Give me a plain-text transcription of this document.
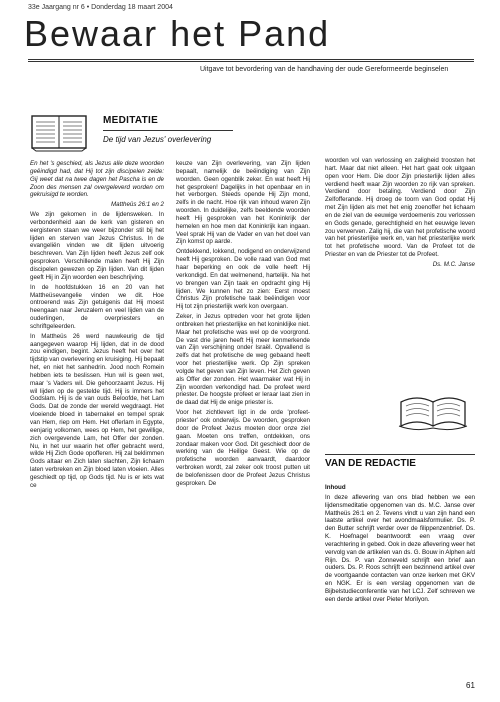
33e Jaargang nr 6 • Donderdag 18 maart 2004
Bewaar het Pand
Uitgave tot bevordering van de handhaving der oude Gereformeerde beginselen
MEDITATIE
De tijd van Jezus' overlevering

En het 's geschied, als Jezus alle deze woorden geëindigd had, dat Hij tot zijn discipelen zeide: Gij weet dat na twee dagen het Pascha is en de Zoon des mensen zal overgeleverd worden om gekruisigd te worden.

Mattheüs 26:1 en 2

We zijn gekomen in de lijdensweken. In verbondenheid aan de kerk van gisteren en eergisteren staan we weer bijzonder stil bij het lijden en sterven van Jezus Christus. In de evangeliën vinden we dit lijden uitvoerig beschreven. Van Zijn lijden heeft Jezus zelf ook gesproken. Verschillende malen heeft Hij Zijn discipelen gewezen op Zijn lijden. Van dit lijden geeft Hij in Zijn woorden een beschrijving.

In de hoofdstukken 16 en 20 van het Mattheüsevangelie vinden we dit. Hoe ontroerend was Zijn getuigenis dat Hij moest heengaan naar Jeruzalem en veel lijden van de ouderlingen, de overpriesters en schriftgeleerden.

In Mattheüs 26 werd nauwkeurig de tijd aangegeven waarop Hij lijden, dat in de dood zou eindigen, begint. Jezus heeft het over het tijdstip van overlevering en kruisiging. Hij bepaalt het, en niet het sanhedrin. Jood noch Romein hebben iets te beslissen. Hun wil is geen wet, maar 's Vaders wil. Die gehoorzaamt Jezus. Hij wil lijden op de gestelde tijd. Hij is immers het Godslam. Hij is de van ouds Beloofde, het Lam Gods. Dat de zonde der wereld wegdraagt. Het vloeiende bloed in tabernakel en tempel sprak van Hem, riep om Hem. Het offerlam in Egypte, eenjarig volkomen, wees op Hem, het gewillige, zich overgevende Lam, het Offer der zonden. Nu, in het uur waarin het offer gebracht werd, wilde Hij Zich Gode opofferen. Hij zal beklimmen Gods altaar en Zich laten slachten, Zijn lichaam laten verbreken en Zijn bloed laten vloeien. Alles geschiedt op tijd, op Gods tijd. Nu is er iets wat ce

keuze van Zijn overlevering, van Zijn lijden bepaalt, namelijk de beëindiging van Zijn woorden. Geen ogenblik zeker. En wat heeft Hij het gesproken! Dagelijks in het openbaar en in het verborgen. Steeds opende Hij Zijn mond, zelfs in de nacht. Hoe rijk van inhoud waren Zijn woorden. In duidelijke, zelfs beeldende woorden heeft Hij gesproken van het Koninkrijk der hemelen en hoe men dat Koninkrijk kan ingaan. Veel sprak Hij van de Vader en van het doel van Zijn komst op aarde.

Ontdekkend, lokkend, nodigend en onderwijzend heeft Hij gesproken. De volle raad van God met haar beperking en ook de volle heeft Hij verkondigd. En dat welmenend, hartelijk. Na het vo brengen van Zijn taak en opdracht ging Hij lijden. We kunnen het zo zien: Eerst moest Christus Zijn profetische taak beëindigen voor Hij tot zijn priesterlijk werk kon overgaan.

Zeker, in Jezus optreden voor het grote lijden ontbreken het priesterlijke en het koninklijke niet. Maar het profetische was wel op de voorgrond. De vast drie jaren heeft Hij meer kenmerkende van Zijn verschijning onder Israël. Opvallend is zelfs dat het profetische de weg gebaand heeft voor het priesterlijke werk. Op Zijn spreken volgde het geven van Zijn leven. Het Zich geven als Offer der zonden. Het waarmaker wat Hij in Zijn woorden verkondigd had. De profeet werd priester. De hoogste profeet er leraar laat zien in de daad dat Hij de enige priester is.

Voor het zichtlevert ligt in de orde 'profeet-priester' ook onderwijs. De woorden, gesproken door de Profeet Jezus moeten door onze ziel gaan. Moeten ons treffen, ontdekken, ons zondaar maken voor God. Dit geschiedt door de werking van de Heilige Geest. Wie op de profetische woorden aanvaardt, daardoor verbroken wordt, zal zeker ook troost putten uit de belofenissen door de Profeet Jezus Christus gesproken. De

woorden vol van verlossing en zaligheid troosten het hart. Maar dat niet alleen. Het hart gaat ook uitgaan open voor Hem. Die door Zijn priesterlijk lijden alles verdiend heeft waar Zijn woorden zo rijk van spreken. Verdiend door betaling. Verdiend door Zijn Zelfofferande. Hij droeg de toorn van God opdat Hij met Zijn lijden als met het enig zoenoffer het lichaam en de ziel van de eeuwige verdoemenis zou verlossen en Gods genade, gerechtigheid en het eeuwige leven zou verwerven. Zalig hij, die van het profetische woord van het priesterlijke werk en, van het priesterlijke werk tot het profetische woord. Van de Profeet tot de Priester en van de Priester tot de Profeet.

Ds. M.C. Janse
VAN DE REDACTIE

Inhoud

In deze aflevering van ons blad hebben we een lijdensmeditatie opgenomen van ds. M.C. Janse over Mattheüs 26:1 en 2. Tevens vindt u van zijn hand een laatste artikel over het avondmaalsformulier. Ds. P. den Butter schrijft verder over de filippenzenbrief. Ds. K. Hoefnagel beantwoordt een vraag over verachtering in gebed. Ook in deze aflevering weer het vervolg van de artikelen van ds. G. Bouw in Alphen a/d Rijn. Ds. P. van Zonneveld schrijft een brief aan ouders. Ds. P. Roos schrijft een bezinnend artikel over de voortgaande contacten van onze kerken met GKV en NGK. Er is een verslag opgenomen van de Bijbelstudieconferentie van het LCJ. Zelf schreven we een derde artikel over Pieter Morilyon.

61
